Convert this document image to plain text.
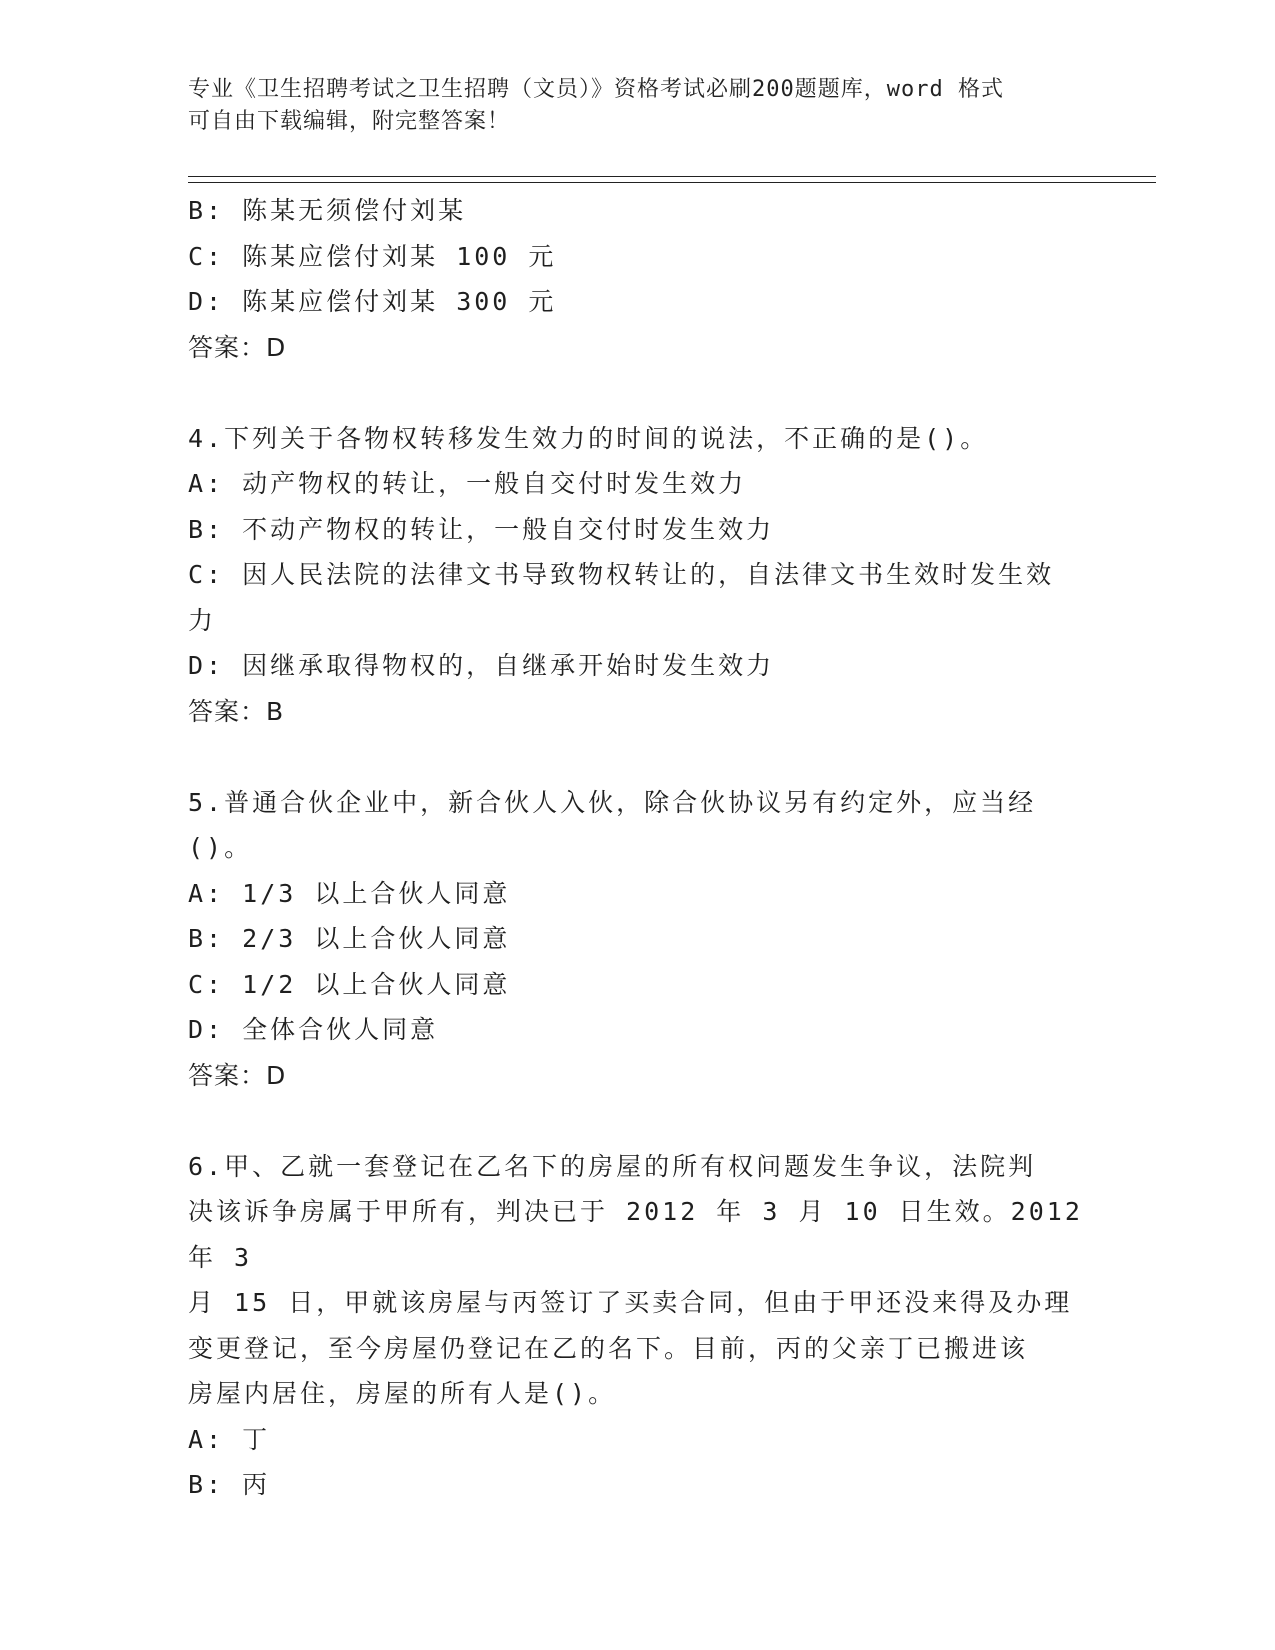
专业《卫生招聘考试之卫生招聘（文员）》资格考试必刷200题题库，word 格式
可自由下载编辑，附完整答案！
B: 陈某无须偿付刘某
C: 陈某应偿付刘某 100 元
D: 陈某应偿付刘某 300 元
答案：D
4.下列关于各物权转移发生效力的时间的说法，不正确的是()。
A: 动产物权的转让，一般自交付时发生效力
B: 不动产物权的转让，一般自交付时发生效力
C: 因人民法院的法律文书导致物权转让的，自法律文书生效时发生效
力
D: 因继承取得物权的，自继承开始时发生效力
答案：B
5.普通合伙企业中，新合伙人入伙，除合伙协议另有约定外，应当经
()。
A: 1/3 以上合伙人同意
B: 2/3 以上合伙人同意
C: 1/2 以上合伙人同意
D: 全体合伙人同意
答案：D
6.甲、乙就一套登记在乙名下的房屋的所有权问题发生争议，法院判
决该诉争房属于甲所有，判决已于 2012 年 3 月 10 日生效。2012 年 3
月 15 日，甲就该房屋与丙签订了买卖合同，但由于甲还没来得及办理
变更登记，至今房屋仍登记在乙的名下。目前，丙的父亲丁已搬进该
房屋内居住，房屋的所有人是()。
A: 丁
B: 丙
